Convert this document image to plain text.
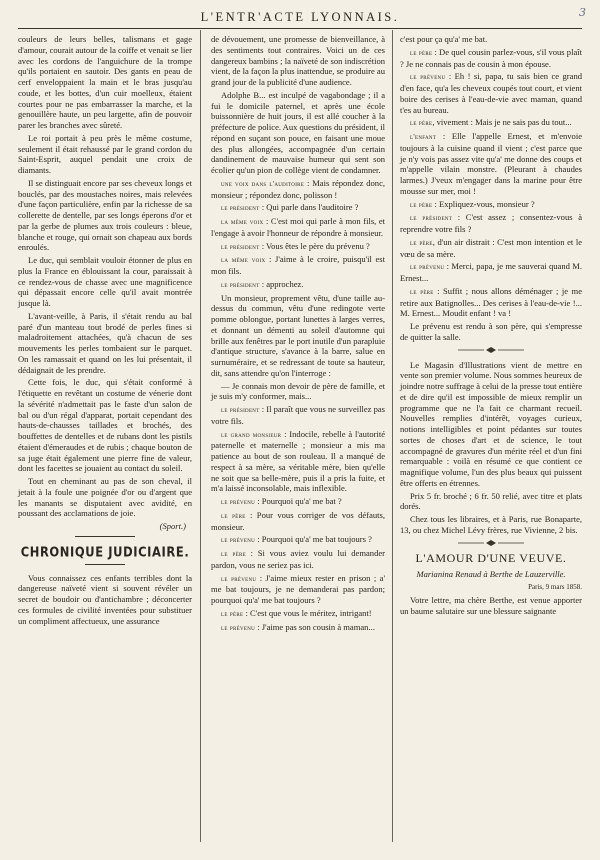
L'ENTR'ACTE LYONNAIS.	3

couleurs de leurs belles, talismans et gage d'amour, courait autour de la coiffe et venait se lier avec les cordons de l'anguichure de la trompe qu'ils portaient en sautoir. Des gants en peau de cerf enveloppaient la main et le bras jusqu'au coude, et les bottes, d'un cuir moelleux, étaient courtes pour ne pas embarrasser la marche, et la genouillère haute, un peu largette, afin de pouvoir parer les branches avec sûreté.

Le roi portait à peu près le même costume, seulement il était rehaussé par le grand cordon du Saint-Esprit, auquel pendait une croix de diamants.

Il se distinguait encore par ses cheveux longs et bouclés, par des moustaches noires, mais relevées d'une façon particulière, enfin par la richesse de sa collerette de dentelle, par ses longs éperons d'or et par la gerbe de plumes aux trois couleurs : bleue, blanche et rouge, qui ornait son chapeau aux bords enroulés.

Le duc, qui semblait vouloir étonner de plus en plus la France en éblouissant la cour, paraissait à ce rendez-vous de chasse avec une magnificence qui dépassait encore celle qu'il avait montrée jusque là.

L'avant-veille, à Paris, il s'était rendu au bal paré d'un manteau tout brodé de perles fines si maladroitement attachées, qu'à chacun de ses mouvements les perles tombaient sur le parquet. On les ramassait et quand on les lui présentait, il dédaignait de les prendre.

Cette fois, le duc, qui s'était conformé à l'étiquette en revêtant un costume de vénerie dont la sévérité n'admettait pas le faste d'un salon de bal ou d'un régal d'apparat, portait cependant des hauts-de-chausses taillades et brochés, des bouffettes de dentelles et de rubans dont les pistils étaient d'émeraudes et de rubis ; chaque bouton de sa juge était également une pierre fine de valeur, dont les facettes se jouaient au contact du soleil.

Tout en cheminant au pas de son cheval, il jetait à la foule une poignée d'or ou d'argent que les manants se disputaient avec avidité, en poussant des acclamations de joie.

(Sport.)
CHRONIQUE JUDICIAIRE.

Vous connaissez ces enfants terribles dont la dangereuse naïveté vient si souvent révéler un secret de boudoir ou d'antichambre ; déconcerter ces formules de civilité inventées pour substituer un compliment affectueux, une assurance

de dévouement, une promesse de bienveillance, à des sentiments tout contraires. Voici un de ces dangereux bambins ; la naïveté de son indiscrétion vient, de la façon la plus inattendue, se produire au grand jour de la publicité d'une audience.

Adolphe B... est inculpé de vagabondage ; il a fui le domicile paternel, et après une école buissonnière de huit jours, il est allé coucher à la préfecture de police. Aux questions du président, il répond en suçant son pouce, en faisant une moue des plus allongées, accompagnée d'un certain dandinement de mauvaise humeur qui sent son écolier qu'un pion de collège vient de condamner.

une voix dans l'auditoire : Mais répondez donc, monsieur ; répondez donc, polisson !

le président : Qui parle dans l'auditoire ?

la même voix : C'est moi qui parle à mon fils, et l'engage à avoir l'honneur de répondre à monsieur.

le président : Vous êtes le père du prévenu ?

la même voix : J'aime à le croire, puisqu'il est mon fils.

le président : approchez.

Un monsieur, proprement vêtu, d'une taille au-dessus du commun, vêtu d'une redingote verte pomme oblongue, portant lunettes à larges verres, et donnant un démenti au soleil d'automne qui brille aux fenêtres par le port inutile d'un parapluie d'antique structure, s'avance à la barre, salue en surnuméraire, et se redressant de toute sa hauteur, dit, sans attendre qu'on l'interroge :

— Je connais mon devoir de père de famille, et je suis m'y conformer, mais...

le président : Il paraît que vous ne surveillez pas votre fils.

le grand monsieur : Indocile, rebelle à l'autorité paternelle et maternelle ; monsieur a mis ma patience au bout de son rouleau. Il a manqué de respect à sa mère, sa véritable mère, bien qu'elle ne soit que sa belle-mère, puis il a pris la fuite, et m'a laissé inconsolable, mais inflexible.

le prévenu : Pourquoi qu'a' me bat ?

le père : Pour vous corriger de vos défauts, monsieur.

le prévenu : Pourquoi qu'a' me bat toujours ?

le père : Si vous aviez voulu lui demander pardon, vous ne seriez pas ici.

le prévenu : J'aime mieux rester en prison ; a' me bat toujours, je ne demanderai pas pardon; pourquoi qu'a' me bat toujours ?

le père : C'est que vous le méritez, intrigant!

le prévenu : J'aime pas son cousin à maman...

c'est pour ça qu'a' me bat.

le père : De quel cousin parlez-vous, s'il vous plaît ? Je ne connais pas de cousin à mon épouse.

le prévenu : Eh ! si, papa, tu sais bien ce grand d'en face, qu'a les cheveux coupés tout court, et vient boire des cerises à l'eau-de-vie avec maman, quand t'es au bureau.

le père, vivement : Mais je ne sais pas du tout...

l'enfant : Elle l'appelle Ernest, et m'envoie toujours à la cuisine quand il vient ; c'est parce que je n'y vois pas assez vite qu'a' me donne des coups et m'appelle vilain monstre. (Pleurant à chaudes larmes.) J'veux m'engager dans la marine pour être mousse sur mer, moi !

le père : Expliquez-vous, monsieur ?

le président : C'est assez ; consentez-vous à reprendre votre fils ?

le père, d'un air distrait : C'est mon intention et le vœu de sa mère.

le prévenu : Merci, papa, je me sauverai quand M. Ernest...

le père : Suffit ; nous allons déménager ; je me retire aux Batignolles... Des cerises à l'eau-de-vie !... M. Ernest... Moudit enfant ! va !

Le prévenu est rendu à son père, qui s'empresse de quitter la salle.

Le Magasin d'Illustrations vient de mettre en vente son premier volume. Nous sommes heureux de joindre notre suffrage à celui de la presse tout entière et de dire qu'il est impossible de mieux remplir un programme que ne l'a fait ce charmant recueil. Nouvelles remplies d'intérêt, voyages curieux, notions intelligibles et point pédantes sur toutes sortes de choses d'art et de science, le tout accompagné de gravures d'un mérite réel et d'un fini remarquable : voilà en résumé ce que contient ce magnifique volume, l'un des plus beaux qui puissent être offerts en étrennes.

Prix 5 fr. broché ; 6 fr. 50 relié, avec titre et plats dorés.

Chez tous les libraires, et à Paris, rue Bonaparte, 13, ou chez Michel Lévy frères, rue Vivienne, 2 bis.

L'AMOUR D'UNE VEUVE.

Marianina Renaud à Berthe de Lauzerville.

Paris, 9 mars 1858.

Votre lettre, ma chère Berthe, est venue apporter un baume salutaire sur une blessure saignante
